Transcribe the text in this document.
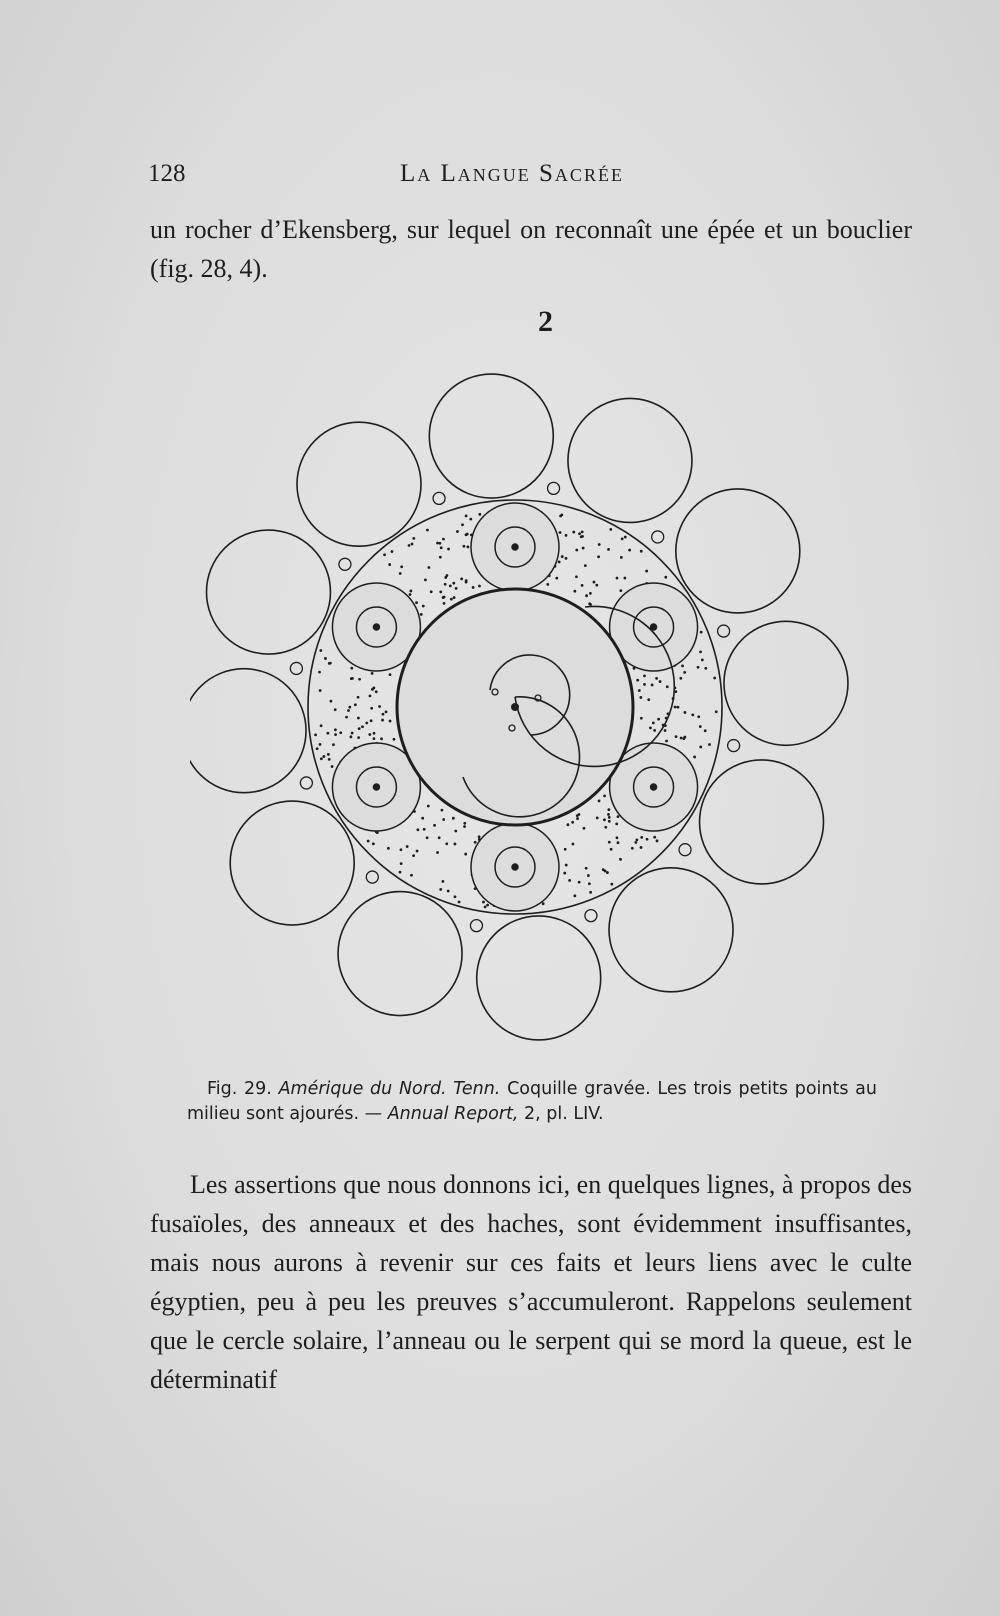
128	La Langue Sacrée
un rocher d’Ekensberg, sur lequel on reconnaît une épée et un bouclier (fig. 28, 4).
2
Fig. 29. Amérique du Nord. Tenn. Coquille gravée. Les trois petits points au milieu sont ajourés. — Annual Report, 2, pl. LIV.
Les assertions que nous donnons ici, en quelques lignes, à propos des fusaïoles, des anneaux et des haches, sont évidemment insuffisantes, mais nous aurons à revenir sur ces faits et leurs liens avec le culte égyptien, peu à peu les preuves s’accumuleront. Rappelons seulement que le cercle solaire, l’anneau ou le serpent qui se mord la queue, est le déterminatif
